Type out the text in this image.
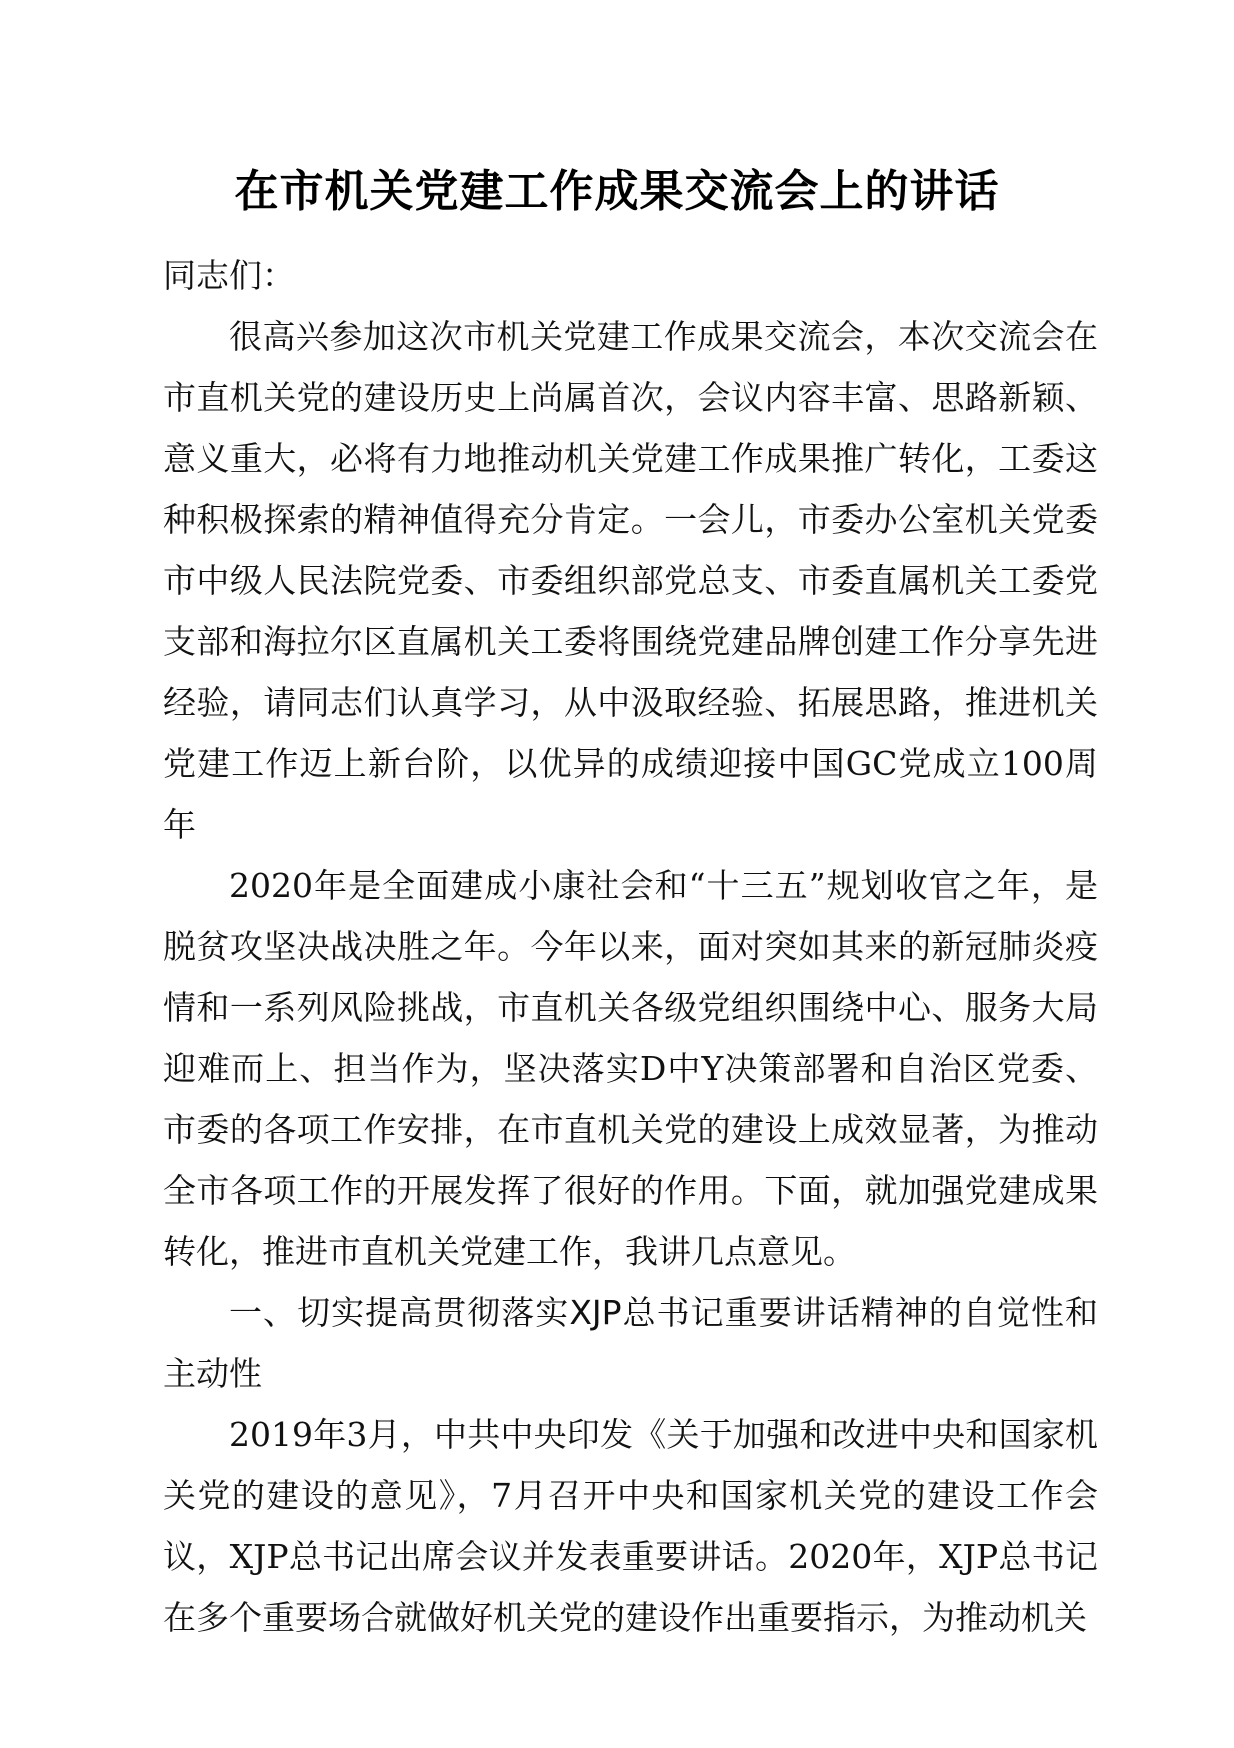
在市机关党建工作成果交流会上的讲话

同志们：

很高兴参加这次市机关党建工作成果交流会，本次交流会在市直机关党的建设历史上尚属首次，会议内容丰富、思路新颖、意义重大，必将有力地推动机关党建工作成果推广转化，工委这种积极探索的精神值得充分肯定。一会儿，市委办公室机关党委市中级人民法院党委、市委组织部党总支、市委直属机关工委党支部和海拉尔区直属机关工委将围绕党建品牌创建工作分享先进经验，请同志们认真学习，从中汲取经验、拓展思路，推进机关党建工作迈上新台阶，以优异的成绩迎接中国GC党成立100周年

2020年是全面建成小康社会和“十三五”规划收官之年，是脱贫攻坚决战决胜之年。今年以来，面对突如其来的新冠肺炎疫情和一系列风险挑战，市直机关各级党组织围绕中心、服务大局迎难而上、担当作为，坚决落实D中Y决策部署和自治区党委、市委的各项工作安排，在市直机关党的建设上成效显著，为推动全市各项工作的开展发挥了很好的作用。下面，就加强党建成果转化，推进市直机关党建工作，我讲几点意见。

一、切实提高贯彻落实XJP总书记重要讲话精神的自觉性和主动性

2019年3月，中共中央印发《关于加强和改进中央和国家机关党的建设的意见》，7月召开中央和国家机关党的建设工作会议，XJP总书记出席会议并发表重要讲话。2020年，XJP总书记在多个重要场合就做好机关党的建设作出重要指示，为推动机关
